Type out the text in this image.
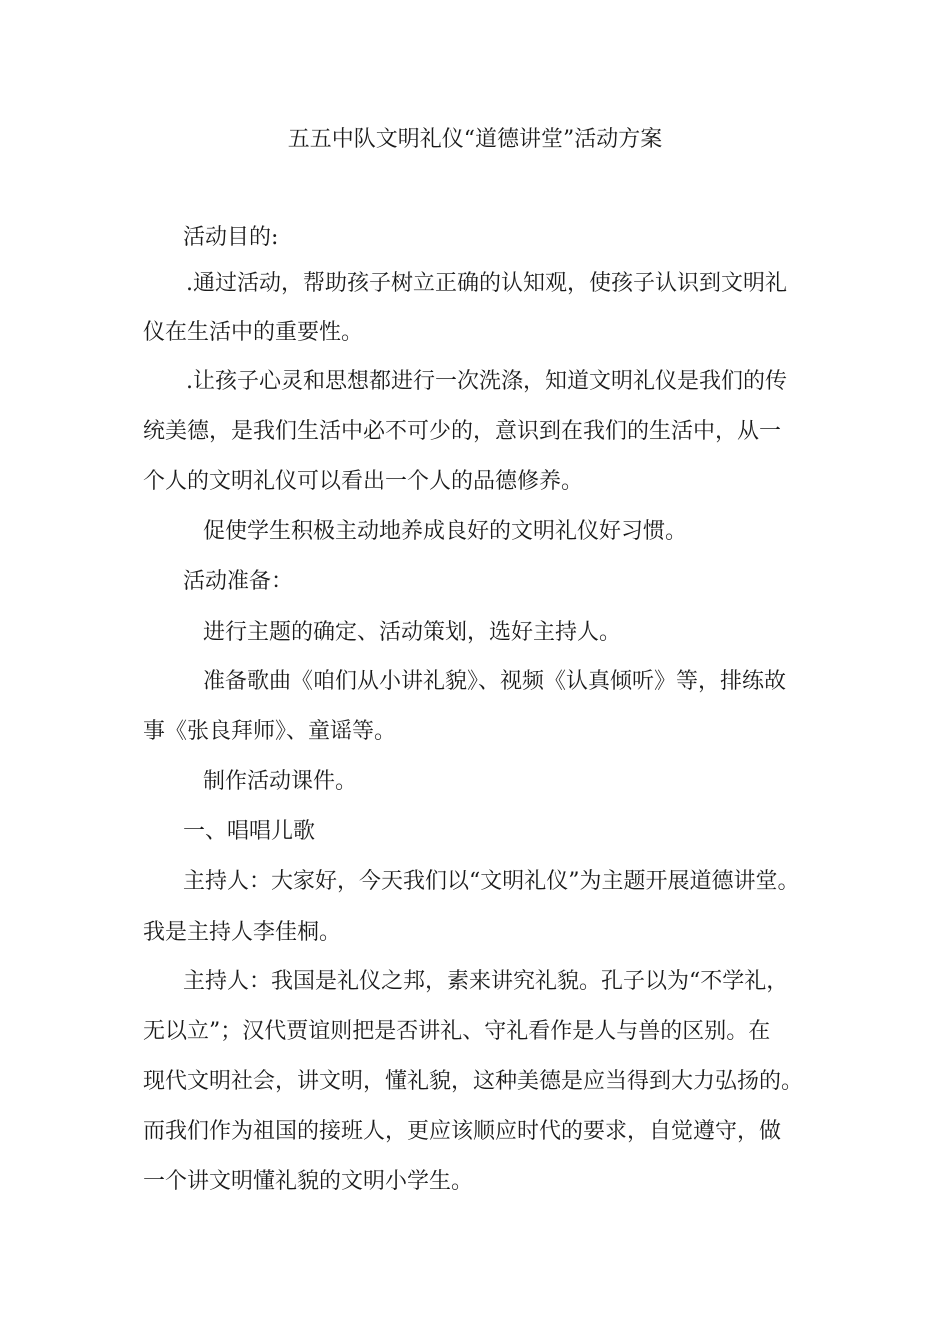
五五中队文明礼仪“道德讲堂”活动方案
活动目的:
.通过活动，帮助孩子树立正确的认知观，使孩子认识到文明礼
仪在生活中的重要性。
.让孩子心灵和思想都进行一次洗涤，知道文明礼仪是我们的传
统美德，是我们生活中必不可少的，意识到在我们的生活中，从一
个人的文明礼仪可以看出一个人的品德修养。
促使学生积极主动地养成良好的文明礼仪好习惯。
活动准备：
进行主题的确定、活动策划，选好主持人。
准备歌曲《咱们从小讲礼貌》、视频《认真倾听》等，排练故
事《张良拜师》、童谣等。
制作活动课件。
一、唱唱儿歌
主持人：大家好，今天我们以“文明礼仪”为主题开展道德讲堂。
我是主持人李佳桐。
主持人：我国是礼仪之邦，素来讲究礼貌。孔子以为“不学礼，
无以立”；汉代贾谊则把是否讲礼、守礼看作是人与兽的区别。在
现代文明社会，讲文明，懂礼貌，这种美德是应当得到大力弘扬的。
而我们作为祖国的接班人，更应该顺应时代的要求，自觉遵守，做
一个讲文明懂礼貌的文明小学生。
